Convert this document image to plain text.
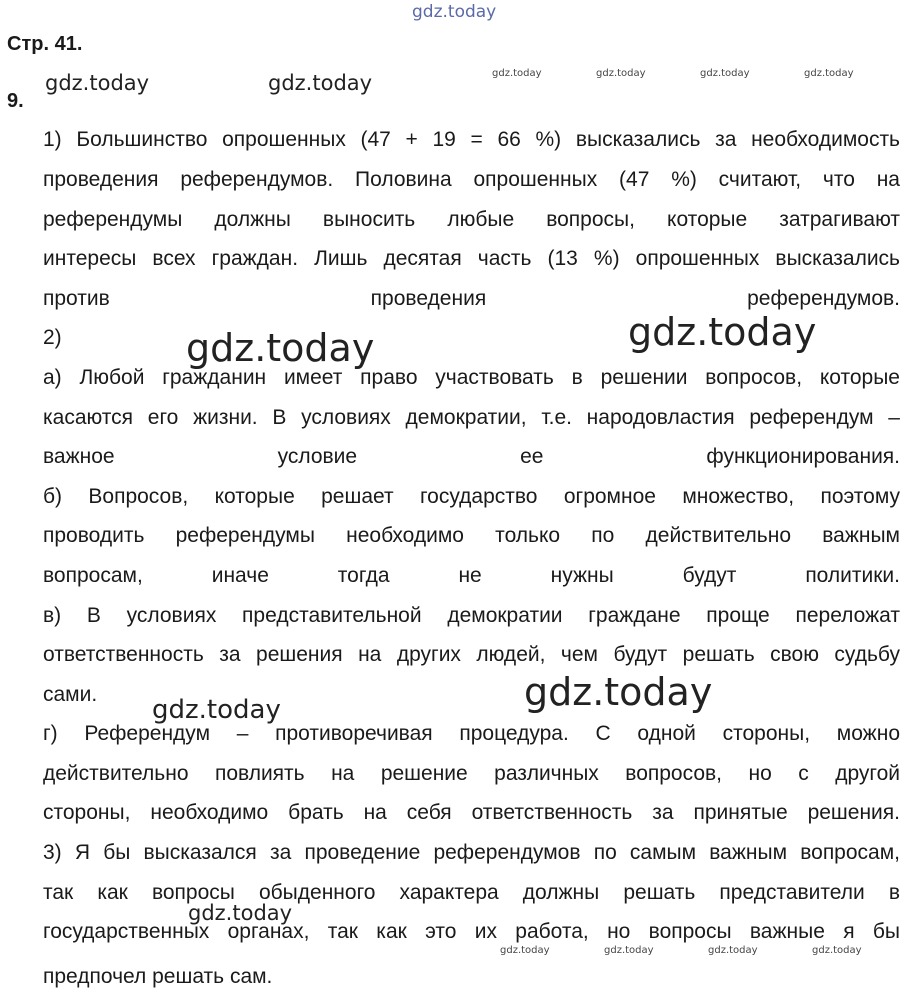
gdz.today
Стр. 41.
9.
1) Большинство опрошенных (47 + 19 = 66 %) высказались за необходимость
проведения референдумов. Половина опрошенных (47 %) считают, что на
референдумы должны выносить любые вопросы, которые затрагивают
интересы всех граждан. Лишь десятая часть (13 %) опрошенных высказались
против проведения референдумов.
2)
а) Любой гражданин имеет право участвовать в решении вопросов, которые
касаются его жизни. В условиях демократии, т.е. народовластия референдум –
важное условие ее функционирования.
б) Вопросов, которые решает государство огромное множество, поэтому
проводить референдумы необходимо только по действительно важным
вопросам, иначе тогда не нужны будут политики.
в) В условиях представительной демократии граждане проще переложат
ответственность за решения на других людей, чем будут решать свою судьбу
сами.
г) Референдум – противоречивая процедура. С одной стороны, можно
действительно повлиять на решение различных вопросов, но с другой
стороны, необходимо брать на себя ответственность за принятые решения.
3) Я бы высказался за проведение референдумов по самым важным вопросам,
так как вопросы обыденного характера должны решать представители в
государственных органах, так как это их работа, но вопросы важные я бы
предпочел решать сам.
gdz.today	gdz.today	gdz.today	gdz.today	gdz.today	gdz.today
gdz.today	gdz.today
gdz.today
gdz.today
gdz.today
gdz.today	gdz.today	gdz.today	gdz.today
